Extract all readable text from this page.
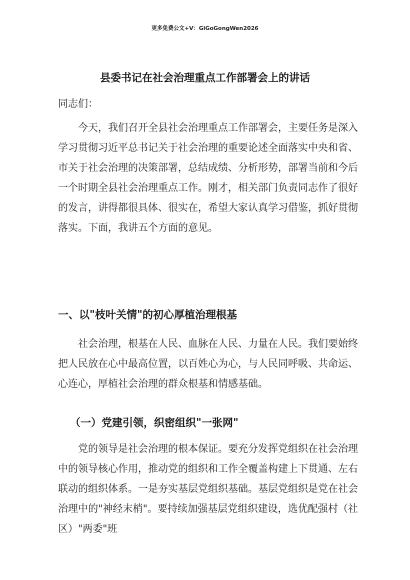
更多免费公文+V：GiGoGongWen2026
县委书记在社会治理重点工作部署会上的讲话
同志们：

今天，我们召开全县社会治理重点工作部署会，主要任务是深入学习贯彻习近平总书记关于社会治理的重要论述全面落实中央和省、市关于社会治理的决策部署，总结成绩、分析形势，部署当前和今后一个时期全县社会治理重点工作。刚才，相关部门负责同志作了很好的发言，讲得都很具体、很实在，希望大家认真学习借鉴，抓好贯彻落实。下面，我讲五个方面的意见。

一、以"枝叶关情"的初心厚植治理根基

社会治理，根基在人民、血脉在人民、力量在人民。我们要始终把人民放在心中最高位置，以百姓心为心，与人民同呼吸、共命运、心连心，厚植社会治理的群众根基和情感基础。

（一）党建引领，织密组织"一张网"

党的领导是社会治理的根本保证。要充分发挥党组织在社会治理中的领导核心作用，推动党的组织和工作全覆盖构建上下贯通、左右联动的组织体系。一是夯实基层党组织基础。基层党组织是党在社会治理中的"神经末梢"。要持续加强基层党组织建设，选优配强村（社区）"两委"班
